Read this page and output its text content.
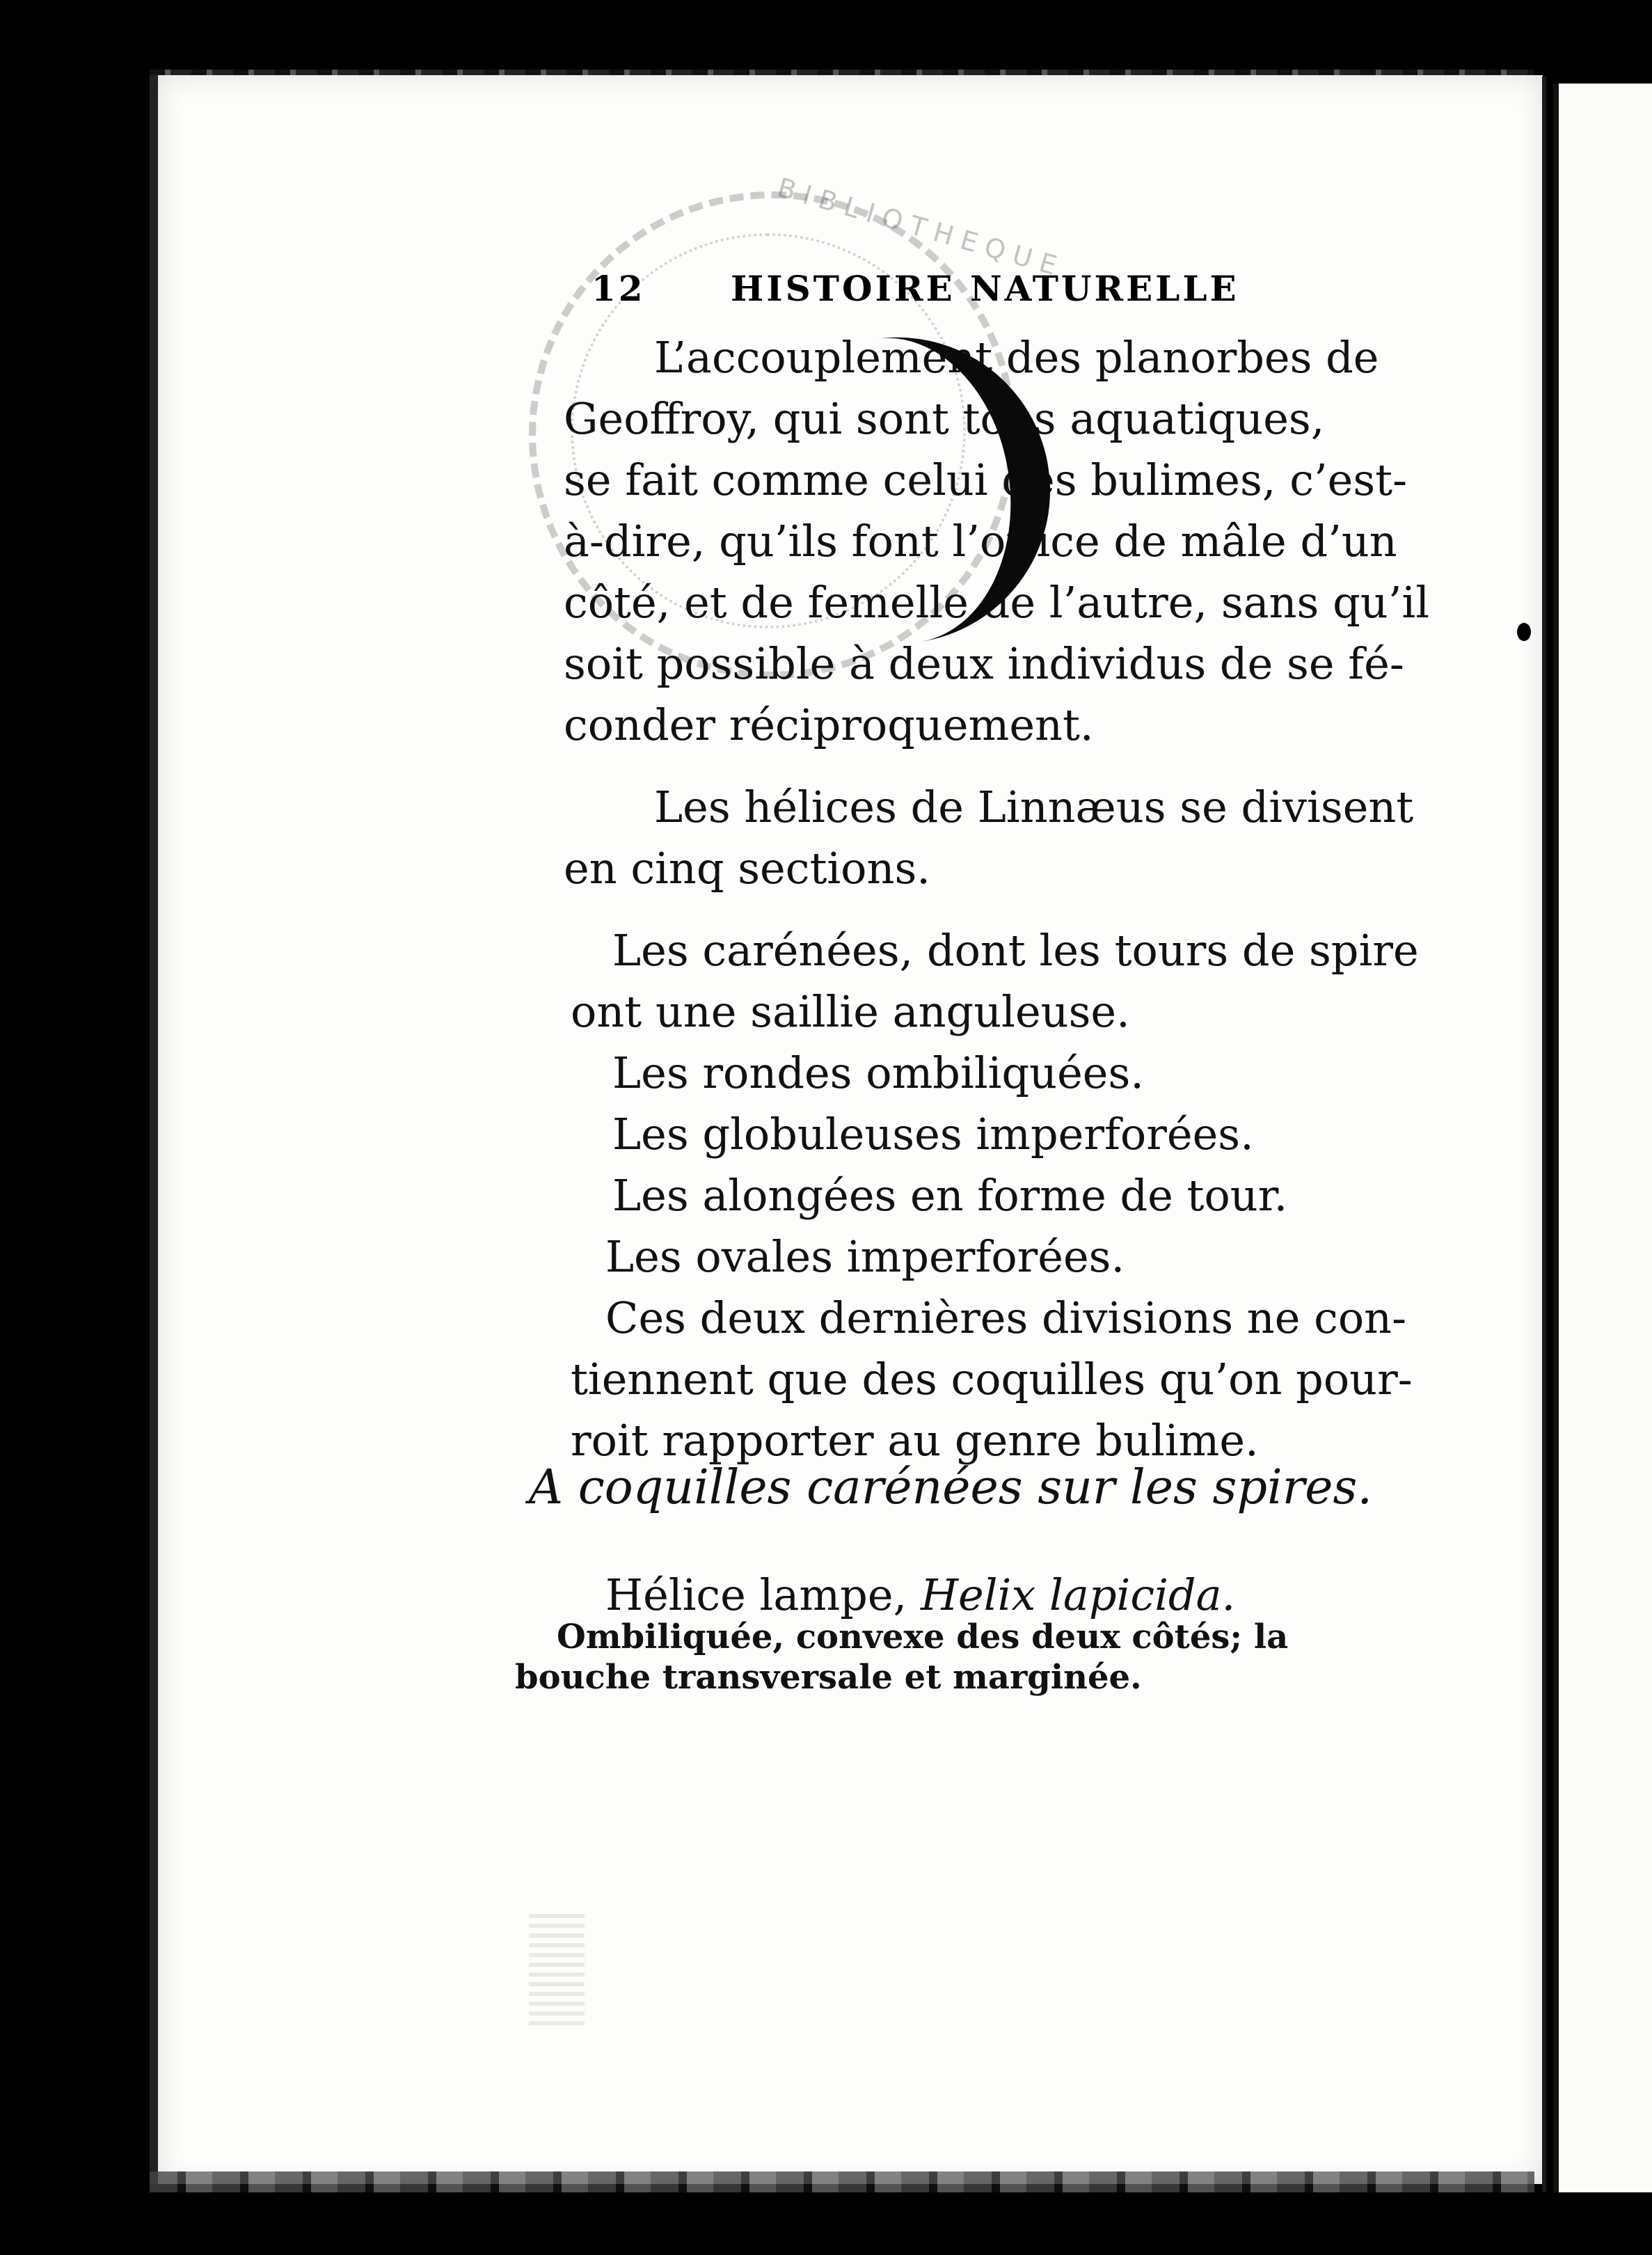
BIBLIOTHEQUE
12 HISTOIRE NATURELLE

L’accouplement des planorbes de
Geoffroy, qui sont tous aquatiques,
se fait comme celui des bulimes, c’est-
à-dire, qu’ils font l’office de mâle d’un
côté, et de femelle de l’autre, sans qu’il
soit possible à deux individus de se fé-
conder réciproquement.

Les hélices de Linnæus se divisent
en cinq sections.

Les carénées, dont les tours de spire
ont une saillie anguleuse.

Les rondes ombiliquées.

Les globuleuses imperforées.

Les alongées en forme de tour.

Les ovales imperforées.

Ces deux dernières divisions ne con-
tiennent que des coquilles qu’on pour-
roit rapporter au genre bulime.

A coquilles carénées sur les spires.
Hélice lampe, Helix lapicida.

Ombiliquée, convexe des deux côtés; la

bouche transversale et marginée.
